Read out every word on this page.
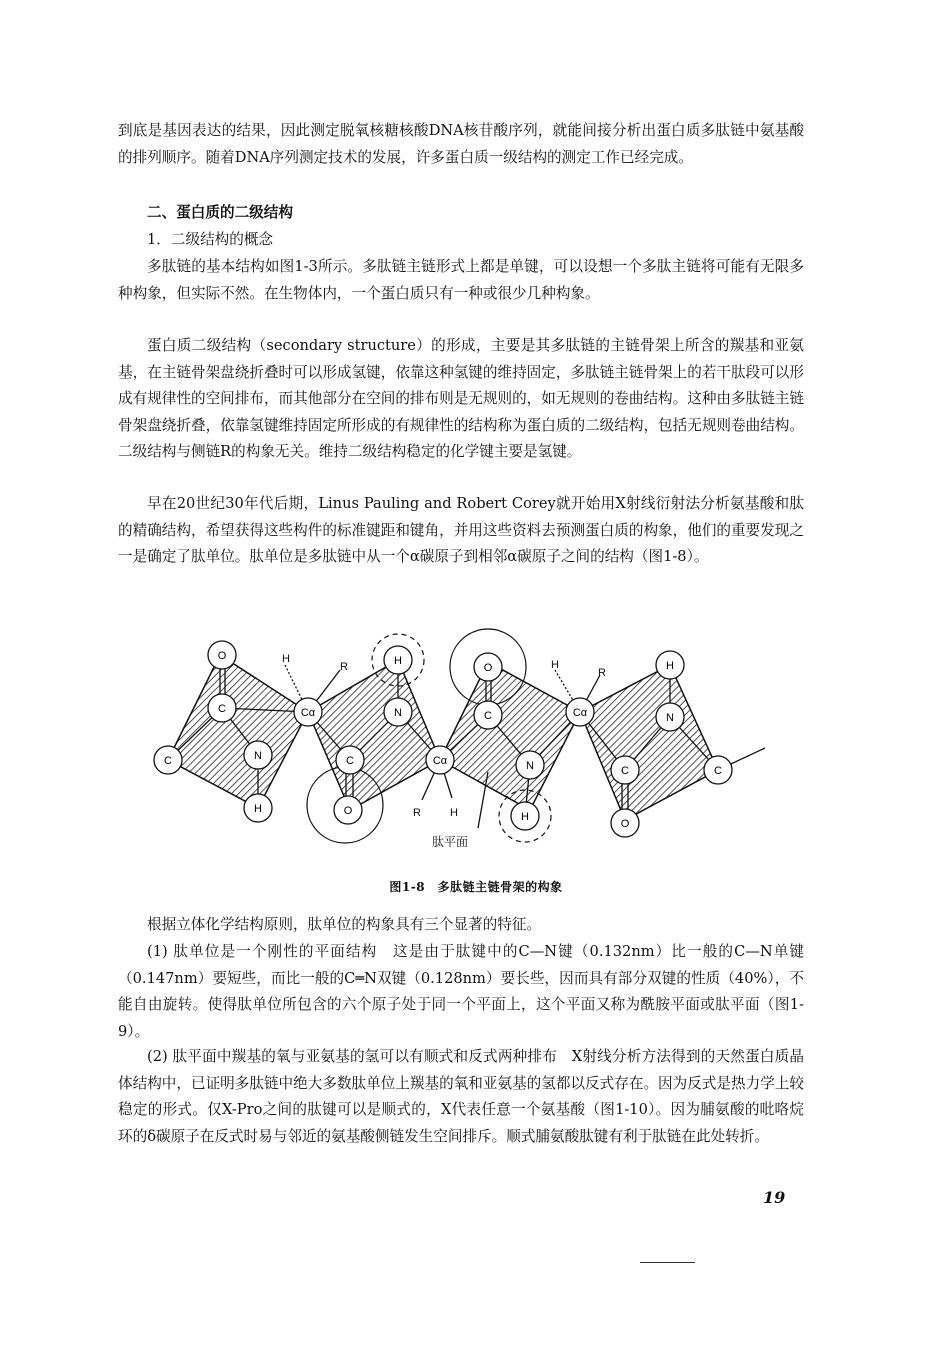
到底是基因表达的结果，因此测定脱氧核糖核酸DNA核苷酸序列，就能间接分析出蛋白质多肽链中氨基酸的排列顺序。随着DNA序列测定技术的发展，许多蛋白质一级结构的测定工作已经完成。

二、蛋白质的二级结构

1．二级结构的概念

多肽链的基本结构如图1-3所示。多肽链主链形式上都是单键，可以设想一个多肽主链将可能有无限多种构象，但实际不然。在生物体内，一个蛋白质只有一种或很少几种构象。

蛋白质二级结构（secondary structure）的形成，主要是其多肽链的主链骨架上所含的羰基和亚氨基，在主链骨架盘绕折叠时可以形成氢键，依靠这种氢键的维持固定，多肽链主链骨架上的若干肽段可以形成有规律性的空间排布，而其他部分在空间的排布则是无规则的，如无规则的卷曲结构。这种由多肽链主链骨架盘绕折叠，依靠氢键维持固定所形成的有规律性的结构称为蛋白质的二级结构，包括无规则卷曲结构。二级结构与侧链R的构象无关。维持二级结构稳定的化学键主要是氢键。

早在20世纪30年代后期，Linus Pauling and Robert Corey就开始用X射线衍射法分析氨基酸和肽的精确结构，希望获得这些构件的标准键距和键角，并用这些资料去预测蛋白质的构象，他们的重要发现之一是确定了肽单位。肽单位是多肽链中从一个α碳原子到相邻α碳原子之间的结构（图1-8）。

O
C
C	N
H
Cα
C
O
N
H
Cα
C
O
N
H
Cα
C
O
N
H
C
H
R	H
R
R	H
肽平面

图1-8　多肽链主链骨架的构象

根据立体化学结构原则，肽单位的构象具有三个显著的特征。

(1) 肽单位是一个刚性的平面结构　这是由于肽键中的C—N键（0.132nm）比一般的C—N单键（0.147nm）要短些，而比一般的C═N双键（0.128nm）要长些，因而具有部分双键的性质（40%），不能自由旋转。使得肽单位所包含的六个原子处于同一个平面上，这个平面又称为酰胺平面或肽平面（图1-9）。

(2) 肽平面中羰基的氧与亚氨基的氢可以有顺式和反式两种排布　X射线分析方法得到的天然蛋白质晶体结构中，已证明多肽链中绝大多数肽单位上羰基的氧和亚氨基的氢都以反式存在。因为反式是热力学上较稳定的形式。仅X-Pro之间的肽键可以是顺式的，X代表任意一个氨基酸（图1-10）。因为脯氨酸的吡咯烷环的δ碳原子在反式时易与邻近的氨基酸侧链发生空间排斥。顺式脯氨酸肽键有利于肽链在此处转折。

19
